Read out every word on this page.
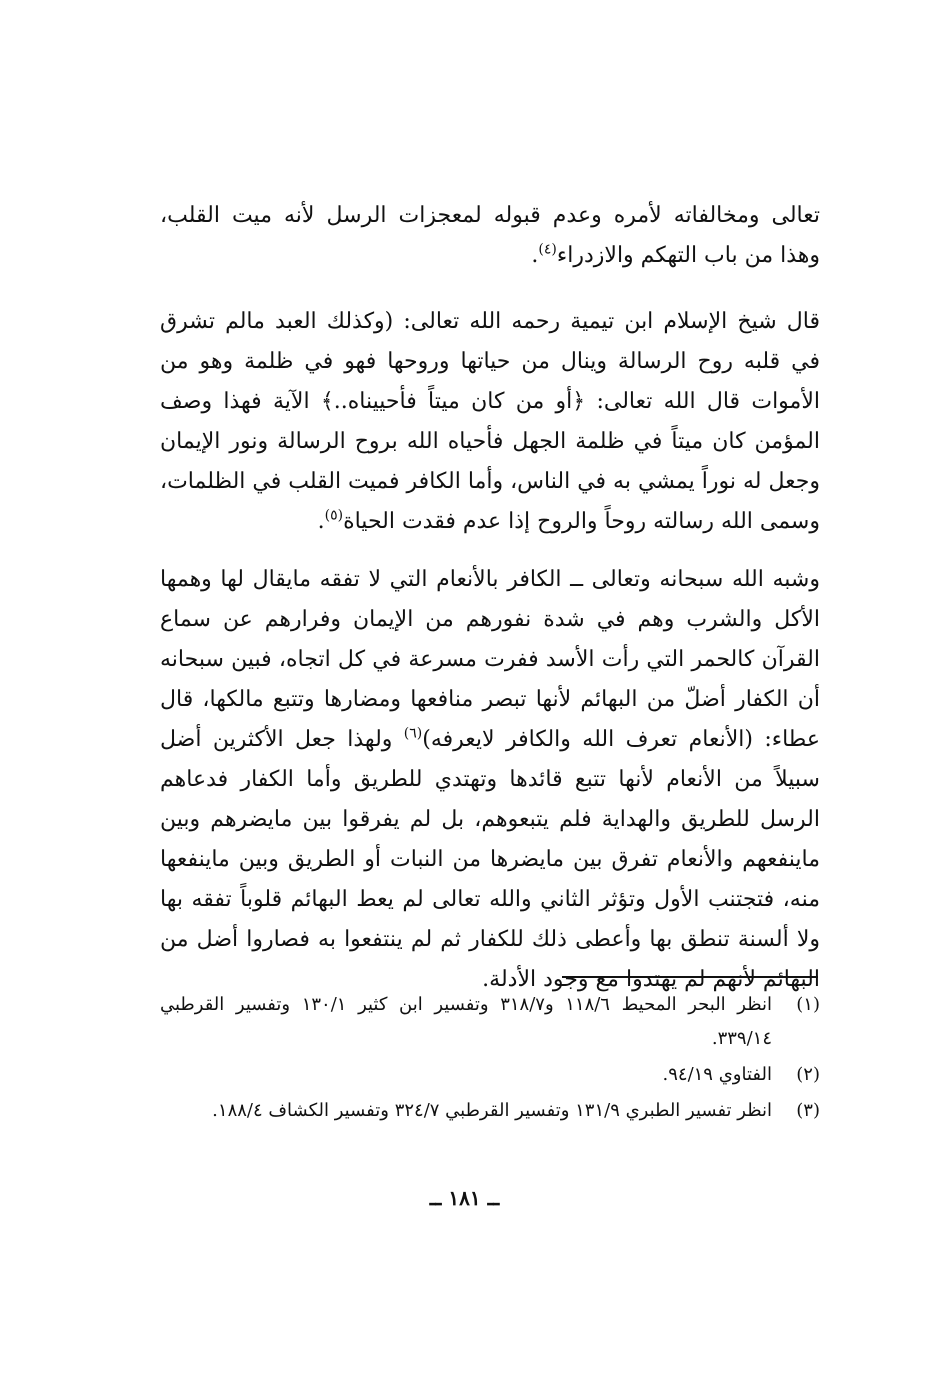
تعالى ومخالفاته لأمره وعدم قبوله لمعجزات الرسل لأنه ميت القلب، وهذا من باب التهكم والازدراء$^{(٤)}$.

قال شيخ الإسلام ابن تيمية رحمه الله تعالى: (وكذلك العبد مالم تشرق في قلبه روح الرسالة وينال من حياتها وروحها فهو في ظلمة وهو من الأموات قال الله تعالى: ﴿أو من كان ميتاً فأحييناه..﴾ الآية فهذا وصف المؤمن كان ميتاً في ظلمة الجهل فأحياه الله بروح الرسالة ونور الإيمان وجعل له نوراً يمشي به في الناس، وأما الكافر فميت القلب في الظلمات، وسمى الله رسالته روحاً والروح إذا عدم فقدت الحياة$^{(٥)}$.

وشبه الله سبحانه وتعالى ــ الكافر بالأنعام التي لا تفقه مايقال لها وهمها الأكل والشرب وهم في شدة نفورهم من الإيمان وفرارهم عن سماع القرآن كالحمر التي رأت الأسد ففرت مسرعة في كل اتجاه، فبين سبحانه أن الكفار أضلّ من البهائم لأنها تبصر منافعها ومضارها وتتبع مالكها، قال عطاء: (الأنعام تعرف الله والكافر لايعرفه)$^{(٦)}$ ولهذا جعل الأكثرين أضل سبيلاً من الأنعام لأنها تتبع قائدها وتهتدي للطريق وأما الكفار فدعاهم الرسل للطريق والهداية فلم يتبعوهم، بل لم يفرقوا بين مايضرهم وبين ماينفعهم والأنعام تفرق بين مايضرها من النبات أو الطريق وبين ماينفعها منه، فتجتنب الأول وتؤثر الثاني والله تعالى لم يعط البهائم قلوباً تفقه بها ولا ألسنة تنطق بها وأعطى ذلك للكفار ثم لم ينتفعوا به فصاروا أضل من البهائم لأنهم لم يهتدوا مع وجود الأدلة.

(١)
انظر البحر المحيط ١١٨/٦ و٣١٨/٧ وتفسير ابن كثير ١٣٠/١ وتفسير القرطبي ٣٣٩/١٤.
(٢)
الفتاوي ٩٤/١٩.
(٣)
انظر تفسير الطبري ١٣١/٩ وتفسير القرطبي ٣٢٤/٧ وتفسير الكشاف ١٨٨/٤.
ــ ١٨١ ــ
